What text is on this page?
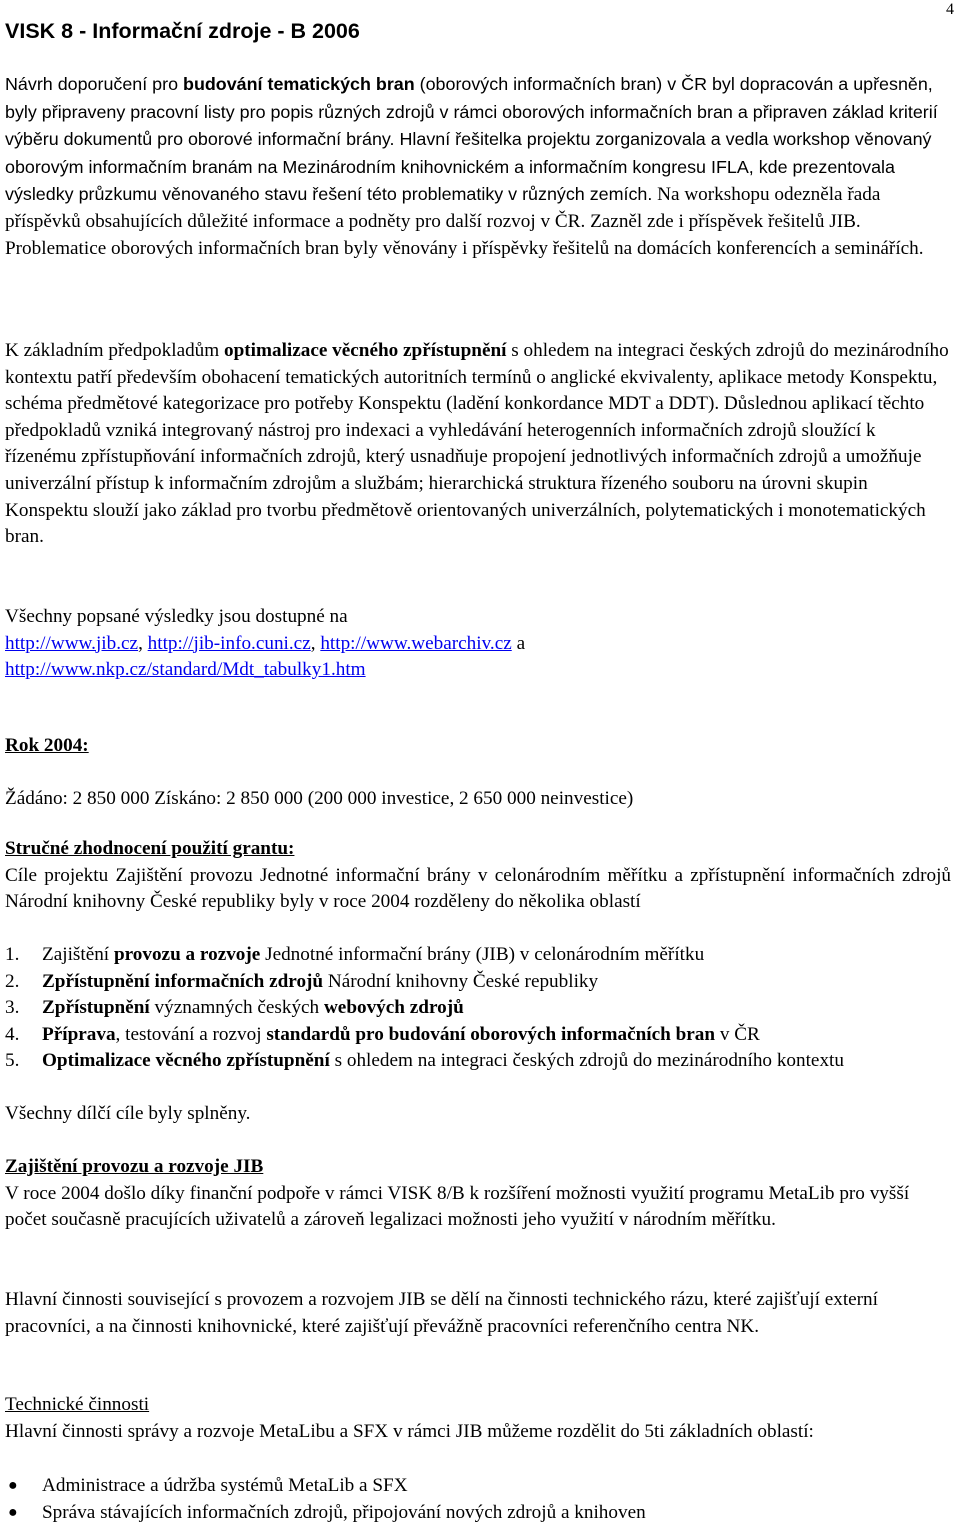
VISK 8 - Informační zdroje - B 2006
4

Návrh doporučení pro budování tematických bran (oborových informačních bran) v ČR byl dopracován a upřesněn, byly připraveny pracovní listy pro popis různých zdrojů v rámci oborových informačních bran a připraven základ kriterií výběru dokumentů pro oborové informační brány. Hlavní řešitelka projektu zorganizovala a vedla workshop věnovaný oborovým informačním branám na Mezinárodním knihovnickém a informačním kongresu IFLA, kde prezentovala výsledky průzkumu věnovaného stavu řešení této problematiky v různých zemích. Na workshopu odezněla řada příspěvků obsahujících důležité informace a podněty pro další rozvoj v ČR. Zazněl zde i příspěvek řešitelů JIB. Problematice oborových informačních bran byly věnovány i příspěvky řešitelů na domácích konferencích a seminářích.

K základním předpokladům optimalizace věcného zpřístupnění s ohledem na integraci českých zdrojů do mezinárodního kontextu patří především obohacení tematických autoritních termínů o anglické ekvivalenty, aplikace metody Konspektu, schéma předmětové kategorizace pro potřeby Konspektu (ladění konkordance MDT a DDT). Důslednou aplikací těchto předpokladů vzniká integrovaný nástroj pro indexaci a vyhledávání heterogenních informačních zdrojů sloužící k řízenému zpřístupňování informačních zdrojů, který usnadňuje propojení jednotlivých informačních zdrojů a umožňuje univerzální přístup k informačním zdrojům a službám; hierarchická struktura řízeného souboru na úrovni skupin Konspektu slouží jako základ pro tvorbu předmětově orientovaných univerzálních, polytematických i monotematických bran.

Všechny popsané výsledky jsou dostupné na
http://www.jib.cz, http://jib-info.cuni.cz, http://www.webarchiv.cz a
http://www.nkp.cz/standard/Mdt_tabulky1.htm

Rok 2004:

Žádáno: 2 850 000 Získáno: 2 850 000 (200 000 investice, 2 650 000 neinvestice)

Stručné zhodnocení použití grantu:
Cíle projektu Zajištění provozu Jednotné informační brány v celonárodním měřítku a zpřístupnění informačních zdrojů Národní knihovny České republiky byly v roce 2004 rozděleny do několika oblastí

1. Zajištění provozu a rozvoje Jednotné informační brány (JIB) v celonárodním měřítku
2. Zpřístupnění informačních zdrojů Národní knihovny České republiky
3. Zpřístupnění významných českých webových zdrojů
4. Příprava, testování a rozvoj standardů pro budování oborových informačních bran v ČR
5. Optimalizace věcného zpřístupnění s ohledem na integraci českých zdrojů do mezinárodního kontextu

Všechny dílčí cíle byly splněny.

Zajištění provozu a rozvoje JIB
V roce 2004 došlo díky finanční podpoře v rámci VISK 8/B k rozšíření možnosti využití programu MetaLib pro vyšší počet současně pracujících uživatelů a zároveň legalizaci možnosti jeho využití v národním měřítku.

Hlavní činnosti související s provozem a rozvojem JIB se dělí na činnosti technického rázu, které zajišťují externí pracovníci, a na činnosti knihovnické, které zajišťují převážně pracovníci referenčního centra NK.

Technické činnosti
Hlavní činnosti správy a rozvoje MetaLibu a SFX v rámci JIB můžeme rozdělit do 5ti základních oblastí:

● Administrace a údržba systémů MetaLib a SFX
● Správa stávajících informačních zdrojů, připojování nových zdrojů a knihoven
